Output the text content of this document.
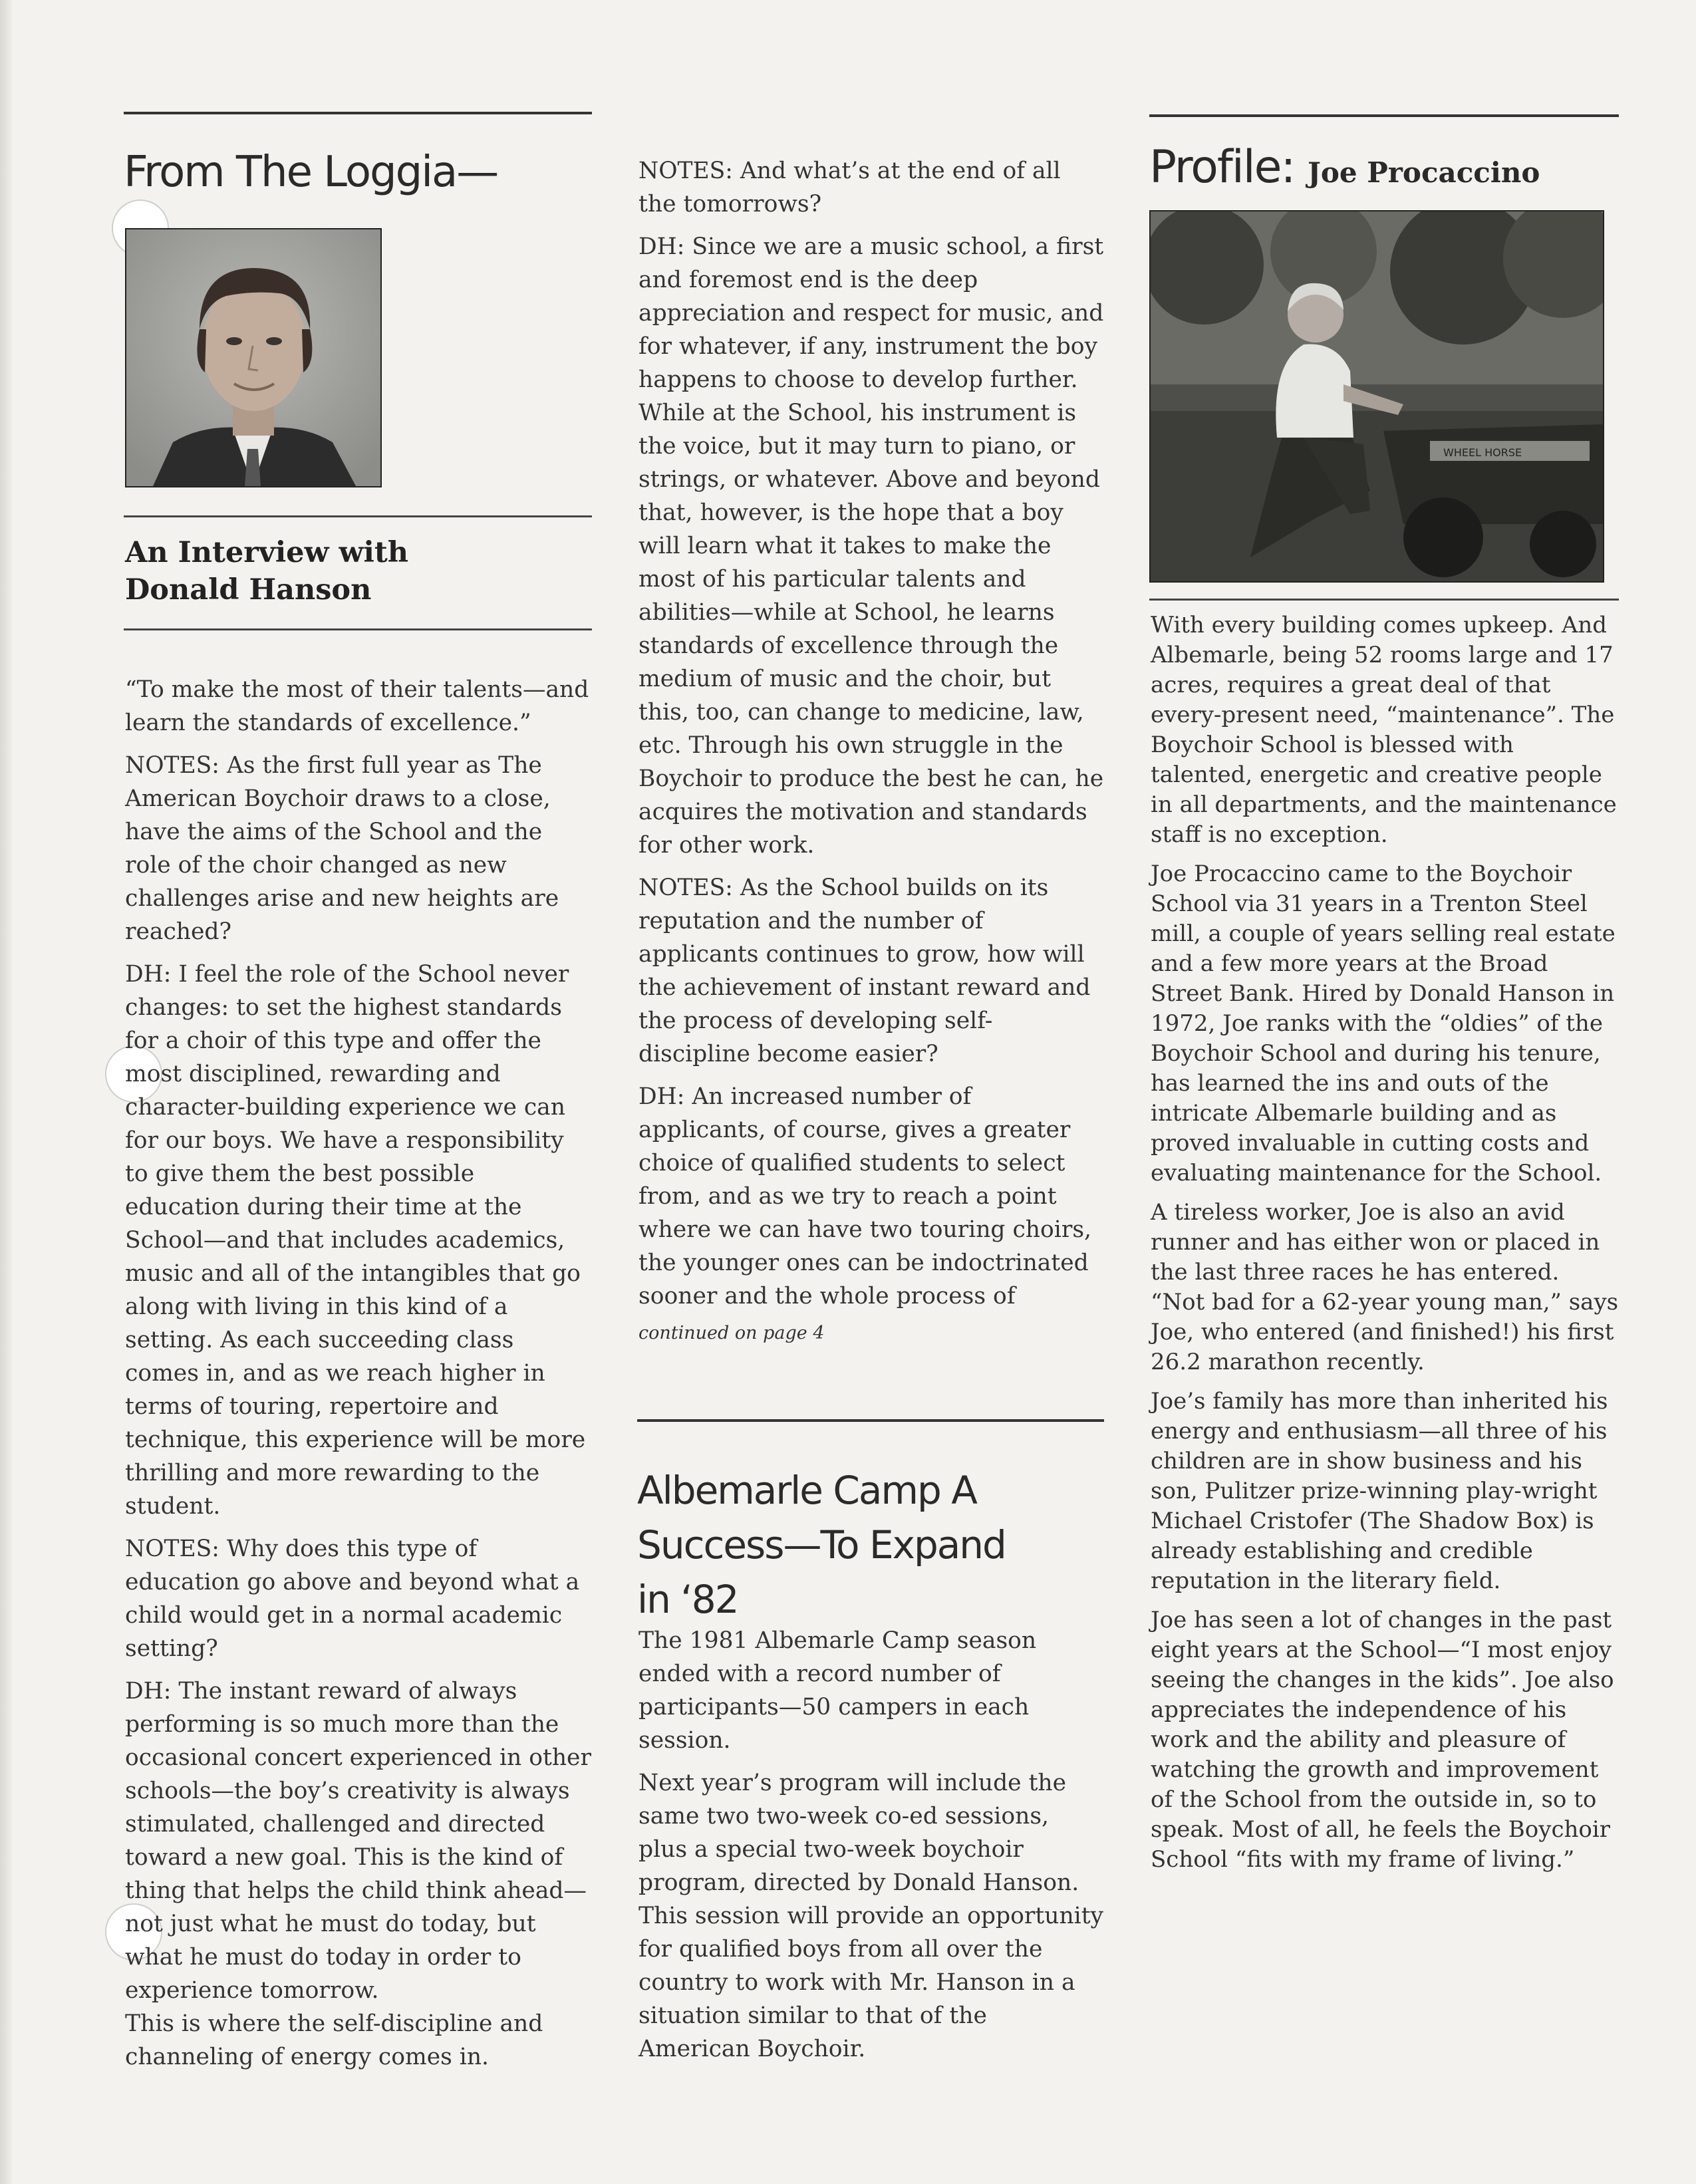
From The Loggia—
An Interview with
Donald Hanson

“To make the most of their talents—and learn the standards of excellence.”

NOTES: As the first full year as The American Boychoir draws to a close, have the aims of the School and the role of the choir changed as new challenges arise and new heights are reached?

DH: I feel the role of the School never changes: to set the highest standards for a choir of this type and offer the most disciplined, rewarding and character-building experience we can for our boys. We have a responsibility to give them the best possible education during their time at the School—and that includes academics, music and all of the intangibles that go along with living in this kind of a setting. As each succeeding class comes in, and as we reach higher in terms of touring, repertoire and technique, this experience will be more thrilling and more rewarding to the student.

NOTES: Why does this type of education go above and beyond what a child would get in a normal academic setting?

DH: The instant reward of always performing is so much more than the occasional concert experienced in other schools—the boy’s creativity is always stimulated, challenged and directed toward a new goal. This is the kind of thing that helps the child think ahead—not just what he must do today, but what he must do today in order to experience tomorrow.

This is where the self-discipline and channeling of energy comes in.

NOTES: And what’s at the end of all the tomorrows?

DH: Since we are a music school, a first and foremost end is the deep appreciation and respect for music, and for whatever, if any, instrument the boy happens to choose to develop further. While at the School, his instrument is the voice, but it may turn to piano, or strings, or whatever. Above and beyond that, however, is the hope that a boy will learn what it takes to make the most of his particular talents and abilities—while at School, he learns standards of excellence through the medium of music and the choir, but this, too, can change to medicine, law, etc. Through his own struggle in the Boychoir to produce the best he can, he acquires the motivation and standards for other work.

NOTES: As the School builds on its reputation and the number of applicants continues to grow, how will the achievement of instant reward and the process of developing self-discipline become easier?

DH: An increased number of applicants, of course, gives a greater choice of qualified students to select from, and as we try to reach a point where we can have two touring choirs, the younger ones can be indoctrinated sooner and the whole process of

continued on page 4

Albemarle Camp A
Success—To Expand
in ‘82

The 1981 Albemarle Camp season ended with a record number of participants—50 campers in each session.

Next year’s program will include the same two two-week co-ed sessions, plus a special two-week boychoir program, directed by Donald Hanson. This session will provide an opportunity for qualified boys from all over the country to work with Mr. Hanson in a situation similar to that of the American Boychoir.

Profile: Joe Procaccino
WHEEL HORSE

With every building comes upkeep. And Albemarle, being 52 rooms large and 17 acres, requires a great deal of that every-present need, “maintenance”. The Boychoir School is blessed with talented, energetic and creative people in all departments, and the maintenance staff is no exception.

Joe Procaccino came to the Boychoir School via 31 years in a Trenton Steel mill, a couple of years selling real estate and a few more years at the Broad Street Bank. Hired by Donald Hanson in 1972, Joe ranks with the “oldies” of the Boychoir School and during his tenure, has learned the ins and outs of the intricate Albemarle building and as proved invaluable in cutting costs and evaluating maintenance for the School.

A tireless worker, Joe is also an avid runner and has either won or placed in the last three races he has entered. “Not bad for a 62-year young man,” says Joe, who entered (and finished!) his first 26.2 marathon recently.

Joe’s family has more than inherited his energy and enthusiasm—all three of his children are in show business and his son, Pulitzer prize-winning play-wright Michael Cristofer (The Shadow Box) is already establishing and credible reputation in the literary field.

Joe has seen a lot of changes in the past eight years at the School—“I most enjoy seeing the changes in the kids”. Joe also appreciates the independence of his work and the ability and pleasure of watching the growth and improvement of the School from the outside in, so to speak. Most of all, he feels the Boychoir School “fits with my frame of living.”
